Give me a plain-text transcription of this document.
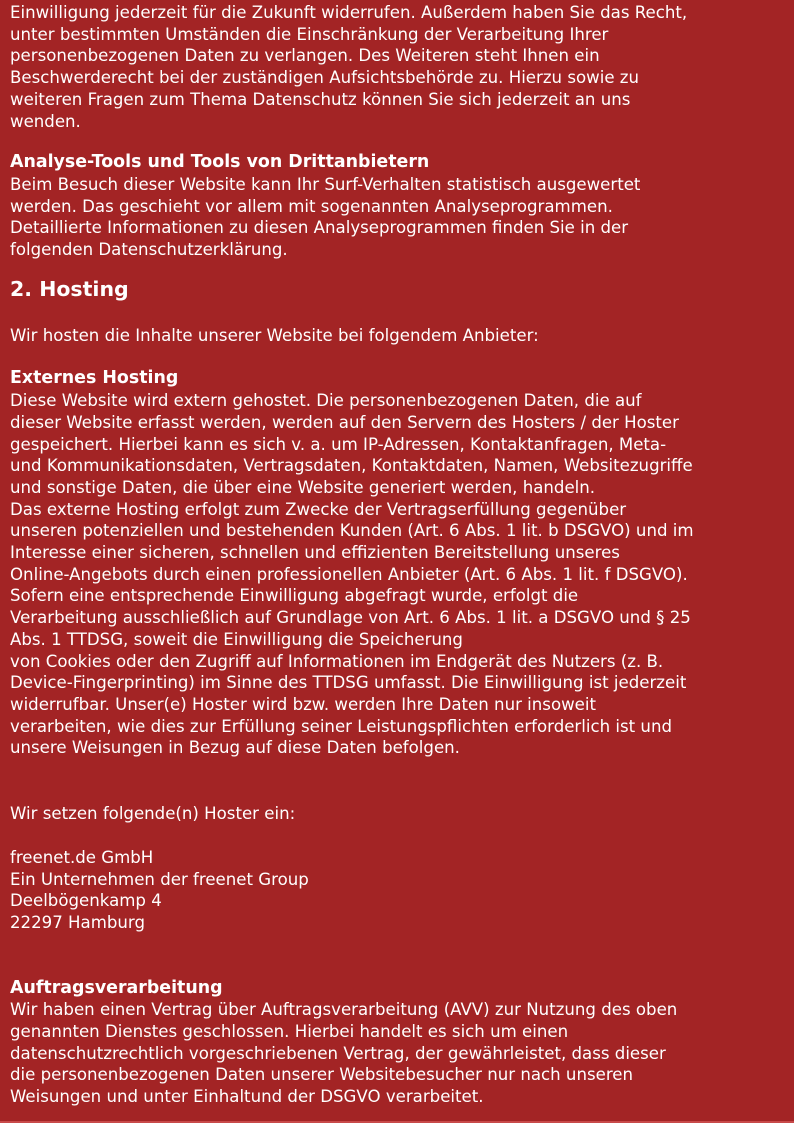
Einwilligung jederzeit für die Zukunft widerrufen. Außerdem haben Sie das Recht,
unter bestimmten Umständen die Einschränkung der Verarbeitung Ihrer
personenbezogenen Daten zu verlangen. Des Weiteren steht Ihnen ein
Beschwerderecht bei der zuständigen Aufsichtsbehörde zu. Hierzu sowie zu
weiteren Fragen zum Thema Datenschutz können Sie sich jederzeit an uns
wenden.
Analyse-Tools und Tools von Drittanbietern
Beim Besuch dieser Website kann Ihr Surf-Verhalten statistisch ausgewertet
werden. Das geschieht vor allem mit sogenannten Analyseprogrammen.
Detaillierte Informationen zu diesen Analyseprogrammen finden Sie in der
folgenden Datenschutzerklärung.
2. Hosting
Wir hosten die Inhalte unserer Website bei folgendem Anbieter:
Externes Hosting
Diese Website wird extern gehostet. Die personenbezogenen Daten, die auf
dieser Website erfasst werden, werden auf den Servern des Hosters / der Hoster
gespeichert. Hierbei kann es sich v. a. um IP-Adressen, Kontaktanfragen, Meta-
und Kommunikationsdaten, Vertragsdaten, Kontaktdaten, Namen, Websitezugriffe
und sonstige Daten, die über eine Website generiert werden, handeln.
Das externe Hosting erfolgt zum Zwecke der Vertragserfüllung gegenüber
unseren potenziellen und bestehenden Kunden (Art. 6 Abs. 1 lit. b DSGVO) und im
Interesse einer sicheren, schnellen und effizienten Bereitstellung unseres
Online-Angebots durch einen professionellen Anbieter (Art. 6 Abs. 1 lit. f DSGVO).
Sofern eine entsprechende Einwilligung abgefragt wurde, erfolgt die
Verarbeitung ausschließlich auf Grundlage von Art. 6 Abs. 1 lit. a DSGVO und § 25
Abs. 1 TTDSG, soweit die Einwilligung die Speicherung
von Cookies oder den Zugriff auf Informationen im Endgerät des Nutzers (z. B.
Device-Fingerprinting) im Sinne des TTDSG umfasst. Die Einwilligung ist jederzeit
widerrufbar. Unser(e) Hoster wird bzw. werden Ihre Daten nur insoweit
verarbeiten, wie dies zur Erfüllung seiner Leistungspflichten erforderlich ist und
unsere Weisungen in Bezug auf diese Daten befolgen.
Wir setzen folgende(n) Hoster ein:
freenet.de GmbH
Ein Unternehmen der freenet Group
Deelbögenkamp 4
22297 Hamburg
Auftragsverarbeitung
Wir haben einen Vertrag über Auftragsverarbeitung (AVV) zur Nutzung des oben
genannten Dienstes geschlossen. Hierbei handelt es sich um einen
datenschutzrechtlich vorgeschriebenen Vertrag, der gewährleistet, dass dieser
die personenbezogenen Daten unserer Websitebesucher nur nach unseren
Weisungen und unter Einhaltund der DSGVO verarbeitet.
